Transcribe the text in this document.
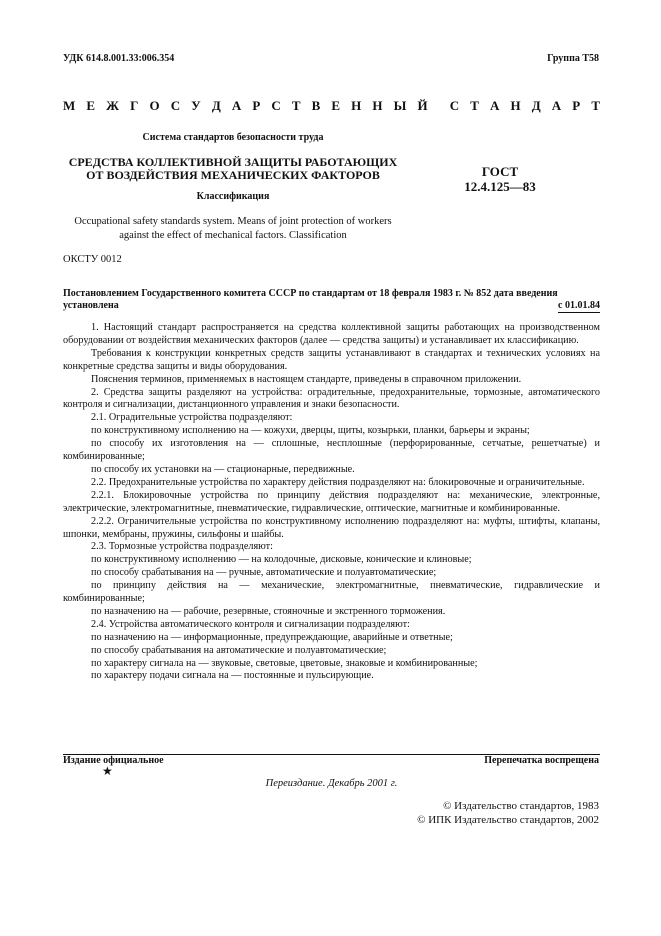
УДК 614.8.001.33:006.354	Группа Т58
М Е Ж Г О С У Д А Р С Т В Е Н Н Ы Й С Т А Н Д А Р Т
Система стандартов безопасности труда
СРЕДСТВА КОЛЛЕКТИВНОЙ ЗАЩИТЫ РАБОТАЮЩИХ
ОТ ВОЗДЕЙСТВИЯ МЕХАНИЧЕСКИХ ФАКТОРОВ	ГОСТ
12.4.125—83
Классификация
Occupational safety standards system. Means of joint protection of workers
against the effect of mechanical factors. Classification
ОКСТУ 0012
Постановлением Государственного комитета СССР по стандартам от 18 февраля 1983 г. № 852 дата введения
установлена	с 01.01.84

1. Настоящий стандарт распространяется на средства коллективной защиты работающих на производственном оборудовании от воздействия механических факторов (далее — средства защиты) и устанавливает их классификацию.

Требования к конструкции конкретных средств защиты устанавливают в стандартах и технических условиях на конкретные средства защиты и виды оборудования.

Пояснения терминов, применяемых в настоящем стандарте, приведены в справочном приложении.

2. Средства защиты разделяют на устройства: оградительные, предохранительные, тормозные, автоматического контроля и сигнализации, дистанционного управления и знаки безопасности.

2.1. Оградительные устройства подразделяют:

по конструктивному исполнению на — кожухи, дверцы, щиты, козырьки, планки, барьеры и экраны;

по способу их изготовления на — сплошные, несплошные (перфорированные, сетчатые, решетчатые) и комбинированные;

по способу их установки на — стационарные, передвижные.

2.2. Предохранительные устройства по характеру действия подразделяют на: блокировочные и ограничительные.

2.2.1. Блокировочные устройства по принципу действия подразделяют на: механические, электронные, электрические, электромагнитные, пневматические, гидравлические, оптические, магнитные и комбинированные.

2.2.2. Ограничительные устройства по конструктивному исполнению подразделяют на: муфты, штифты, клапаны, шпонки, мембраны, пружины, сильфоны и шайбы.

2.3. Тормозные устройства подразделяют:

по конструктивному исполнению — на колодочные, дисковые, конические и клиновые;

по способу срабатывания на — ручные, автоматические и полуавтоматические;

по принципу действия на — механические, электромагнитные, пневматические, гидравлические и комбинированные;

по назначению на — рабочие, резервные, стояночные и экстренного торможения.

2.4. Устройства автоматического контроля и сигнализации подразделяют:

по назначению на — информационные, предупреждающие, аварийные и ответные;

по способу срабатывания на автоматические и полуавтоматические;

по характеру сигнала на — звуковые, световые, цветовые, знаковые и комбинированные;

по характеру подачи сигнала на — постоянные и пульсирующие.

Издание официальное	Перепечатка воспрещена
★
Переиздание. Декабрь 2001 г.
© Издательство стандартов, 1983
© ИПК Издательство стандартов, 2002
